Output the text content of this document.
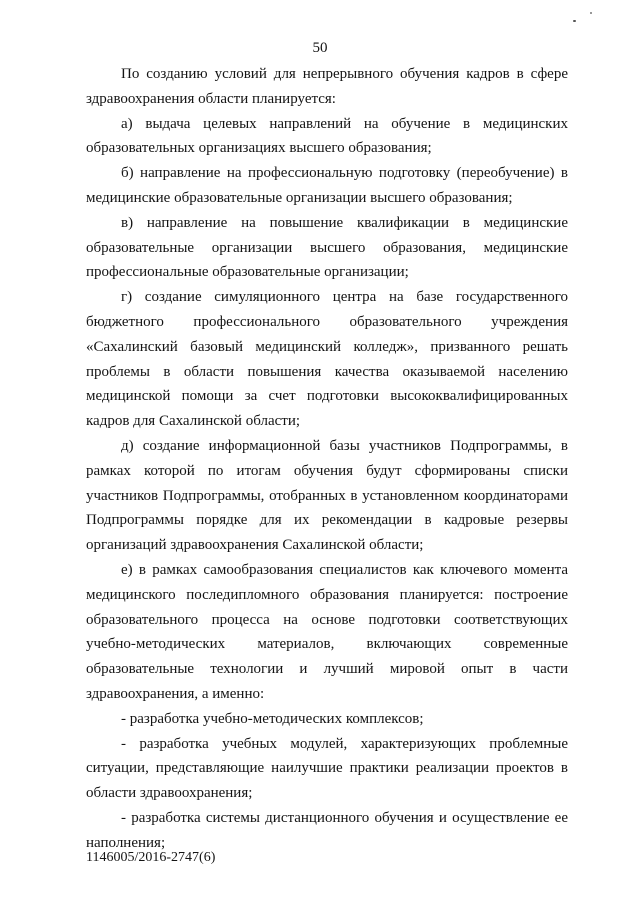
50

По созданию условий для непрерывного обучения кадров в сфере здравоохранения области планируется:

а) выдача целевых направлений на обучение в медицинских образовательных организациях высшего образования;

б) направление на профессиональную подготовку (переобучение) в медицинские образовательные организации высшего образования;

в) направление на повышение квалификации в медицинские образовательные организации высшего образования, медицинские профессиональные образовательные организации;

г) создание симуляционного центра на базе государственного бюджетного профессионального образовательного учреждения «Сахалинский базовый медицинский колледж», призванного решать проблемы в области повышения качества оказываемой населению медицинской помощи за счет подготовки высококвалифицированных кадров для Сахалинской области;

д) создание информационной базы участников Подпрограммы, в рамках которой по итогам обучения будут сформированы списки участников Подпрограммы, отобранных в установленном координаторами Подпрограммы порядке для их рекомендации в кадровые резервы организаций здравоохранения Сахалинской области;

е) в рамках самообразования специалистов как ключевого момента медицинского последипломного образования планируется: построение образовательного процесса на основе подготовки соответствующих учебно-методических материалов, включающих современные образовательные технологии и лучший мировой опыт в части здравоохранения, а именно:

- разработка учебно-методических комплексов;

- разработка учебных модулей, характеризующих проблемные ситуации, представляющие наилучшие практики реализации проектов в области здравоохранения;

- разработка системы дистанционного обучения и осуществление ее наполнения;

1146005/2016-2747(6)
